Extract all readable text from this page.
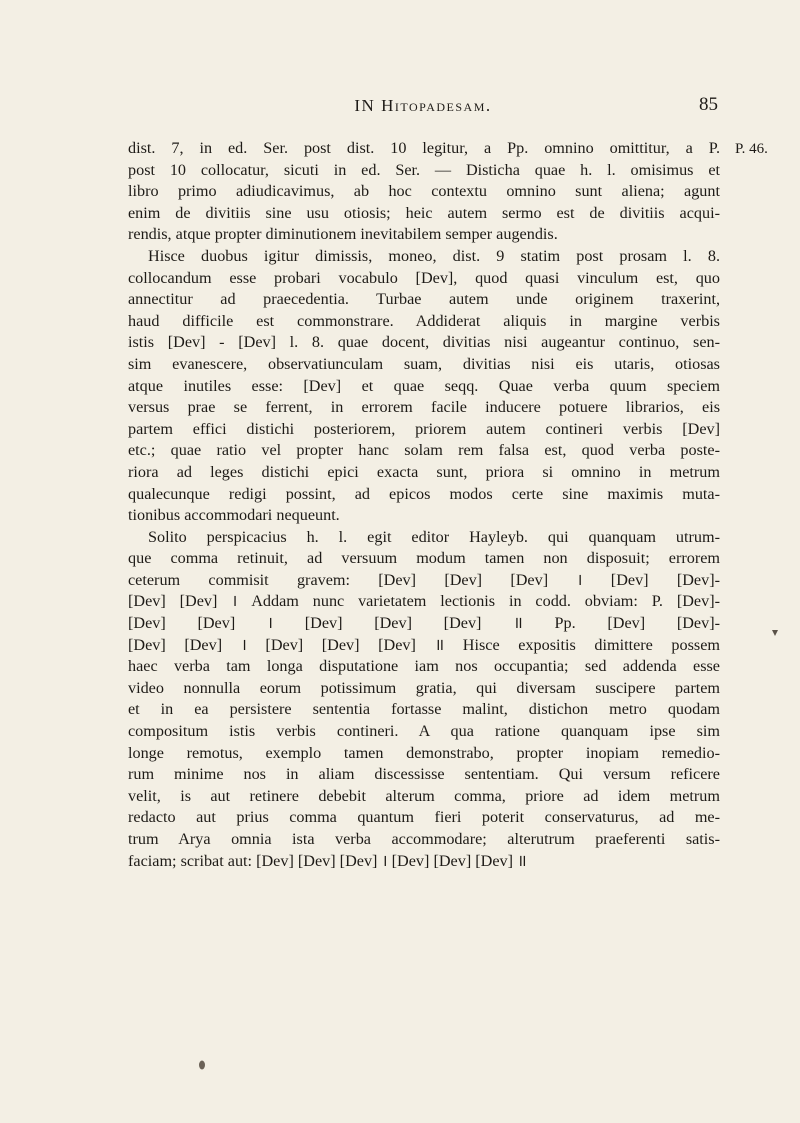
IN Hitopadesam.	85
P. 46.
dist. 7, in ed. Ser. post dist. 10 legitur, a Pp. omnino omittitur, a P.
post 10 collocatur, sicuti in ed. Ser. — Disticha quae h. l. omisimus et
libro primo adiudicavimus, ab hoc contextu omnino sunt aliena; agunt
enim de divitiis sine usu otiosis; heic autem sermo est de divitiis acqui-
rendis, atque propter diminutionem inevitabilem semper augendis.
Hisce duobus igitur dimissis, moneo, dist. 9 statim post prosam l. 8.
collocandum esse probari vocabulo [Dev], quod quasi vinculum est, quo
annectitur ad praecedentia. Turbae autem unde originem traxerint,
haud difficile est commonstrare. Addiderat aliquis in margine verbis
istis [Dev] - [Dev] l. 8. quae docent, divitias nisi augeantur continuo, sen-
sim evanescere, observatiunculam suam, divitias nisi eis utaris, otiosas
atque inutiles esse: [Dev] et quae seqq. Quae verba quum speciem
versus prae se ferrent, in errorem facile inducere potuere librarios, eis
partem effici distichi posteriorem, priorem autem contineri verbis [Dev]
etc.; quae ratio vel propter hanc solam rem falsa est, quod verba poste-
riora ad leges distichi epici exacta sunt, priora si omnino in metrum
qualecunque redigi possint, ad epicos modos certe sine maximis muta-
tionibus accommodari nequeunt.
Solito perspicacius h. l. egit editor Hayleyb. qui quanquam utrum-
que comma retinuit, ad versuum modum tamen non disposuit; errorem
ceterum commisit gravem: [Dev] [Dev] [Dev] । [Dev] [Dev]-
[Dev] [Dev] । Addam nunc varietatem lectionis in codd. obviam: P. [Dev]-
[Dev] [Dev] । [Dev] [Dev] [Dev] ॥ Pp. [Dev] [Dev]-
[Dev] [Dev] । [Dev] [Dev] [Dev] ॥ Hisce expositis dimittere possem
haec verba tam longa disputatione iam nos occupantia; sed addenda esse
video nonnulla eorum potissimum gratia, qui diversam suscipere partem
et in ea persistere sententia fortasse malint, distichon metro quodam
compositum istis verbis contineri. A qua ratione quanquam ipse sim
longe remotus, exemplo tamen demonstrabo, propter inopiam remedio-
rum minime nos in aliam discessisse sententiam. Qui versum reficere
velit, is aut retinere debebit alterum comma, priore ad idem metrum
redacto aut prius comma quantum fieri poterit conservaturus, ad me-
trum Arya omnia ista verba accommodare; alterutrum praeferenti satis-
faciam; scribat aut: [Dev] [Dev] [Dev] । [Dev] [Dev] [Dev] ॥
